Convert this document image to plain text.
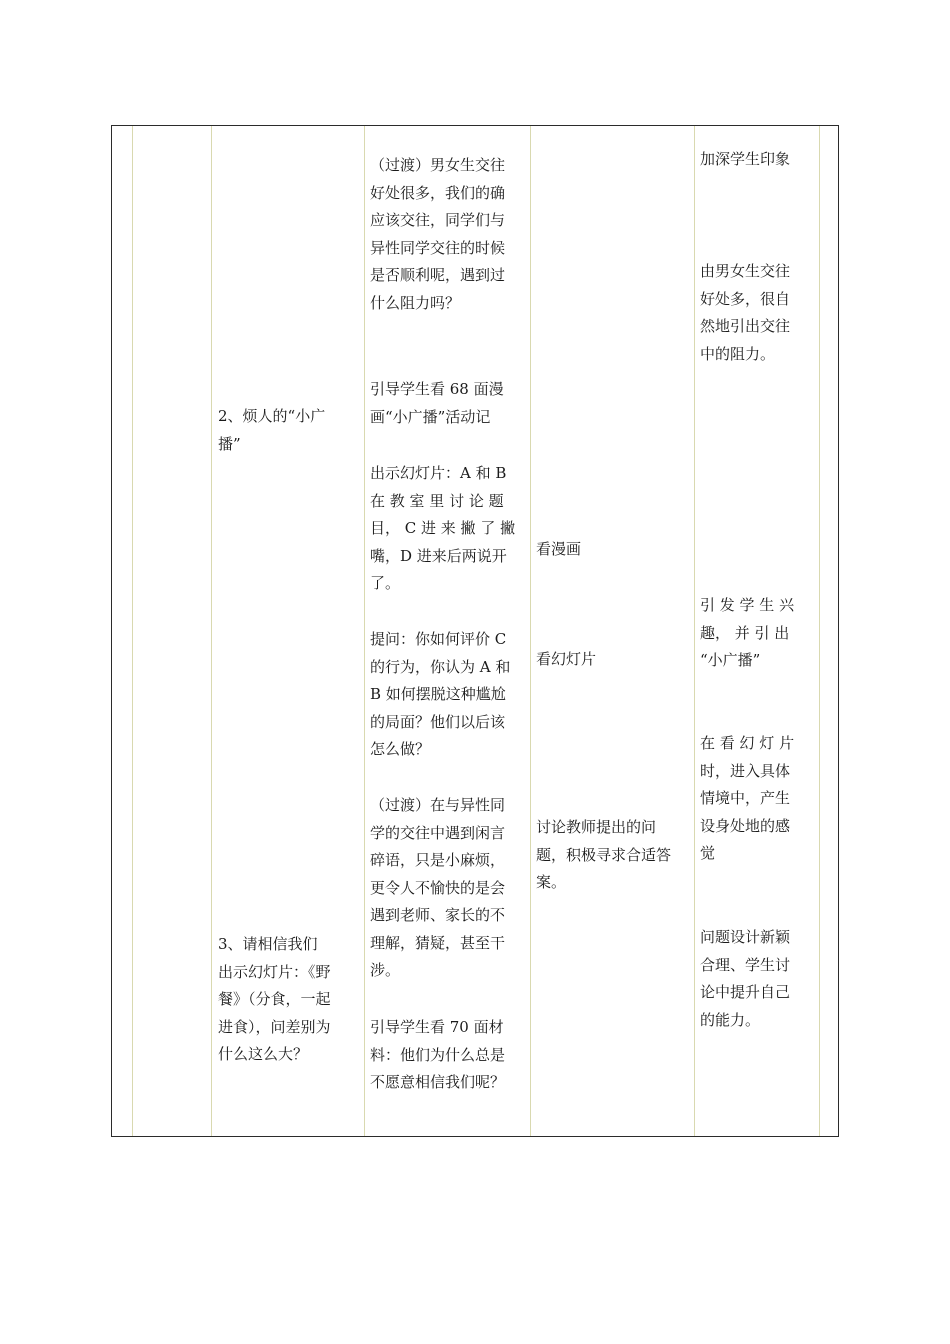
2、烦人的“小广
播”
3、请相信我们
出示幻灯片：《野
餐》（分食，一起
进食），问差别为
什么这么大？
（过渡）男女生交往
好处很多，我们的确
应该交往，同学们与
异性同学交往的时候
是否顺利呢，遇到过
什么阻力吗？
引导学生看 68 面漫
画“小广播”活动记
出示幻灯片：A 和 B
在 教 室 里 讨 论 题
目， C 进 来 撇 了 撇
嘴，D 进来后两说开
了。
提问：你如何评价 C
的行为，你认为 A 和
B 如何摆脱这种尴尬
的局面？他们以后该
怎么做？
（过渡）在与异性同
学的交往中遇到闲言
碎语，只是小麻烦，
更令人不愉快的是会
遇到老师、家长的不
理解，猜疑，甚至干
涉。
引导学生看 70 面材
料：他们为什么总是
不愿意相信我们呢？
看漫画
看幻灯片
讨论教师提出的问
题，积极寻求合适答
案。
加深学生印象
由男女生交往
好处多，很自
然地引出交往
中的阻力。
引 发 学 生 兴
趣， 并 引 出
“小广播”
在 看 幻 灯 片
时，进入具体
情境中，产生
设身处地的感
觉
问题设计新颖
合理、学生讨
论中提升自己
的能力。
